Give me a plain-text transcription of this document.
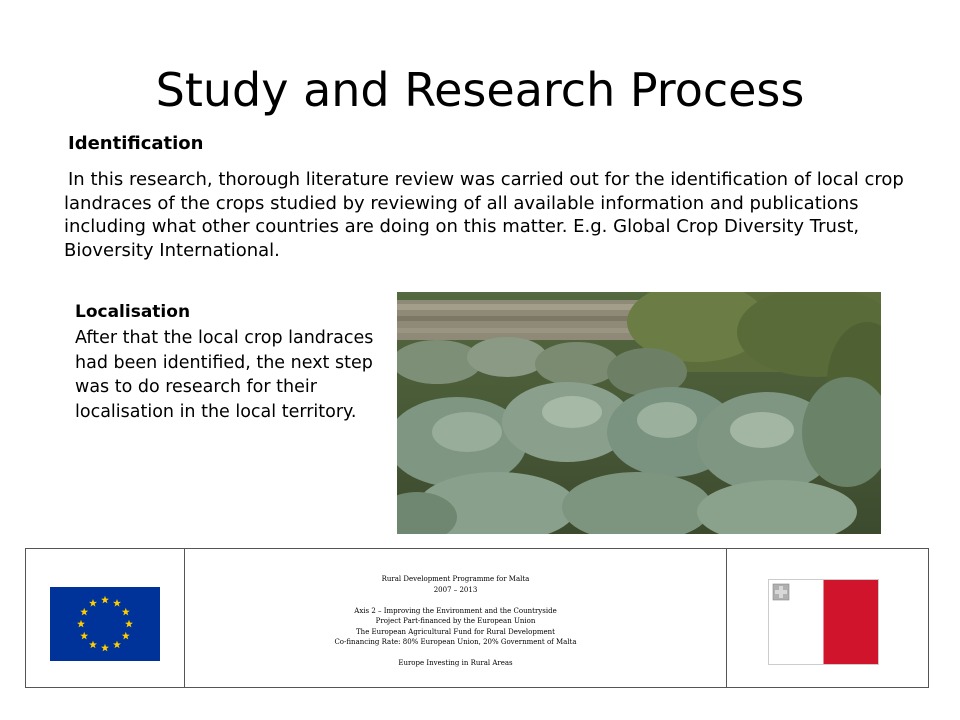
Study and Research Process
Identification
In this research, thorough literature review was carried out for the identification of local crop landraces of the crops studied by reviewing of all available information and publications including what other countries are doing on this matter. E.g. Global Crop Diversity Trust, Bioversity International.
Localisation
After that the local crop landraces had been identified, the next step was to do research for their localisation in the local territory.
Rural Development Programme for Malta
2007 – 2013
Axis 2 – Improving the Environment and the Countryside
Project Part-financed by the European Union
The European Agricultural Fund for Rural Development
Co-financing Rate: 80% European Union, 20% Government of Malta
Europe Investing in Rural Areas
